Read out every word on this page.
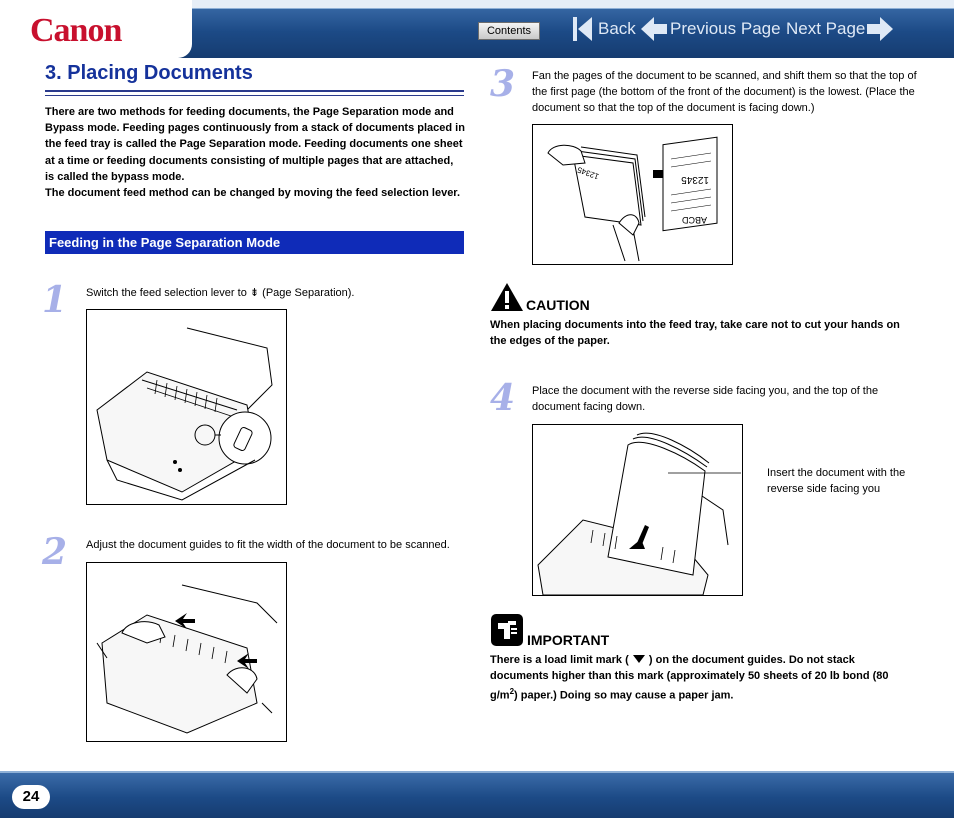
Canon	Contents	Back Previous Page Next Page
3. Placing Documents
There are two methods for feeding documents, the Page Separation mode and Bypass mode. Feeding pages continuously from a stack of documents placed in the feed tray is called the Page Separation mode. Feeding documents one sheet at a time or feeding documents consisting of multiple pages that are attached, is called the bypass mode.
The document feed method can be changed by moving the feed selection lever.
Feeding in the Page Separation Mode
1 Switch the feed selection lever to ⇟ (Page Separation).
2 Adjust the document guides to fit the width of the document to be scanned.
3 Fan the pages of the document to be scanned, and shift them so that the top of the first page (the bottom of the front of the document) is the lowest. (Place the document so that the top of the document is facing down.)
12345	12345
ABCD
CAUTION
When placing documents into the feed tray, take care not to cut your hands on the edges of the paper.
4 Place the document with the reverse side facing you, and the top of the document facing down.
Insert the document with the reverse side facing you
IMPORTANT
There is a load limit mark (  ) on the document guides. Do not stack documents higher than this mark (approximately 50 sheets of 20 lb bond (80 $g/m^2$) paper.) Doing so may cause a paper jam.
24
